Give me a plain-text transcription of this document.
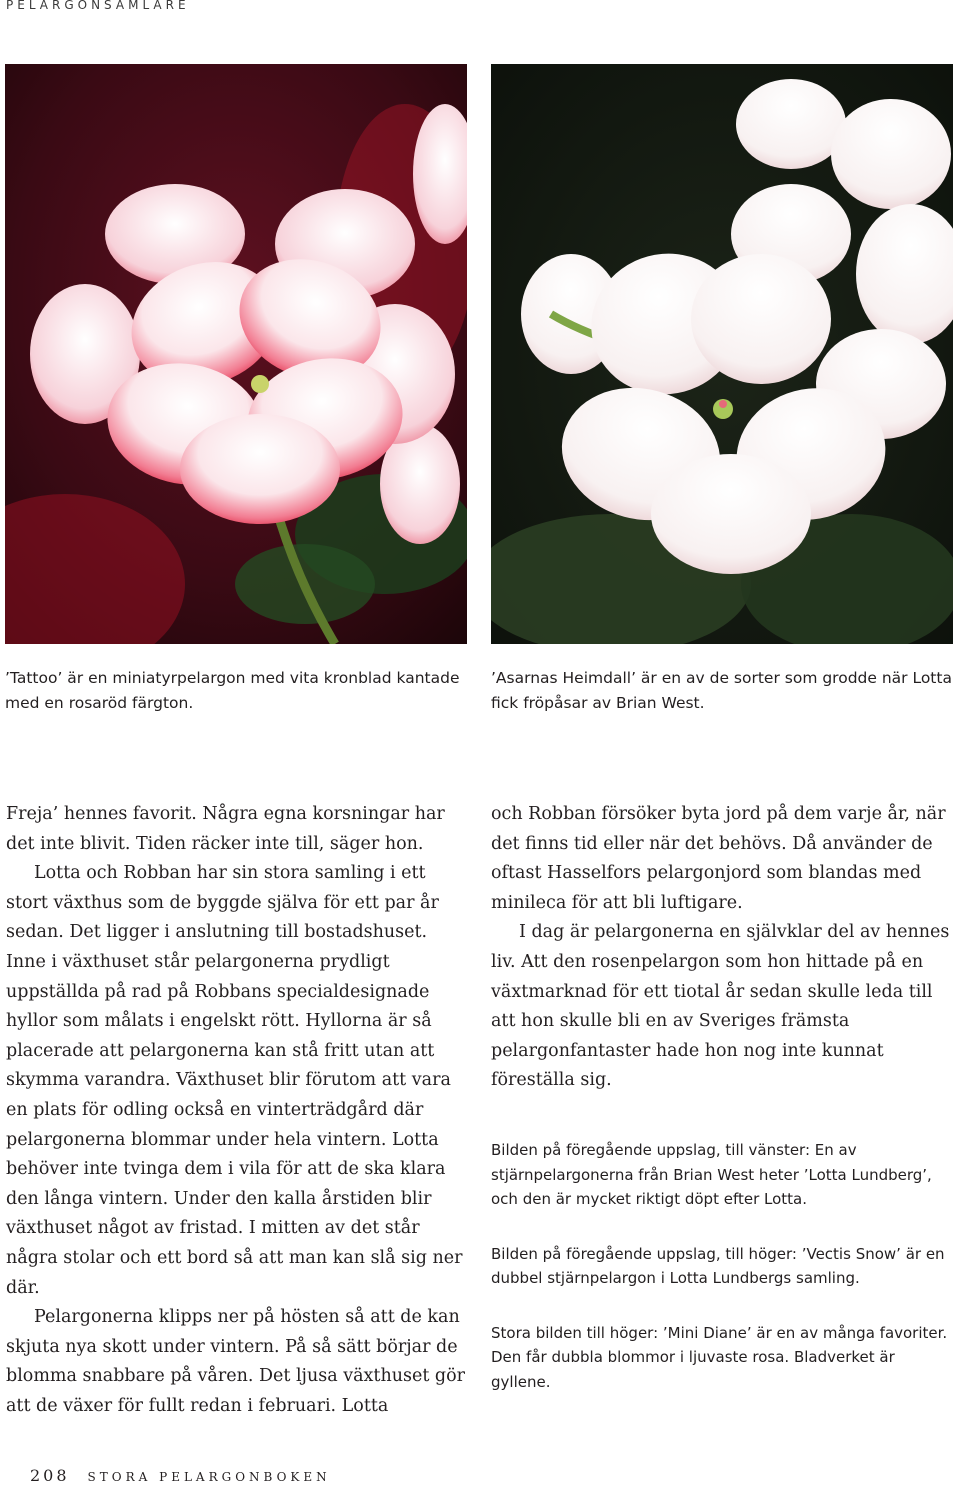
PELARGONSAMLARE
’Tattoo’ är en miniatyrpelargon med vita kronblad kantade med en rosaröd färgton.
’Asarnas Heimdall’ är en av de sorter som grodde när Lotta fick fröpåsar av Brian West.

Freja’ hennes favorit. Några egna korsningar har det inte blivit. Tiden räcker inte till, säger hon.

Lotta och Robban har sin stora samling i ett stort växthus som de byggde själva för ett par år sedan. Det ligger i anslutning till bostadshuset. Inne i växthuset står pelargonerna prydligt uppställda på rad på Robbans specialdesignade hyllor som målats i engelskt rött. Hyllorna är så placerade att pelargonerna kan stå fritt utan att skymma varandra. Växthuset blir förutom att vara en plats för odling också en vinterträdgård där pelargonerna blommar under hela vintern. Lotta behöver inte tvinga dem i vila för att de ska klara den långa vintern. Under den kalla årstiden blir växthuset något av fristad. I mitten av det står några stolar och ett bord så att man kan slå sig ner där.

Pelargonerna klipps ner på hösten så att de kan skjuta nya skott under vintern. På så sätt börjar de blomma snabbare på våren. Det ljusa växthuset gör att de växer för fullt redan i februari. Lotta

och Robban försöker byta jord på dem varje år, när det finns tid eller när det behövs. Då använder de oftast Hasselfors pelargonjord som blandas med minileca för att bli luftigare.

I dag är pelargonerna en självklar del av hennes liv. Att den rosenpelargon som hon hittade på en växtmarknad för ett tiotal år sedan skulle leda till att hon skulle bli en av Sveriges främsta pelargonfantaster hade hon nog inte kunnat föreställa sig.

Bilden på föregående uppslag, till vänster: En av stjärnpelargonerna från Brian West heter ’Lotta Lundberg’, och den är mycket riktigt döpt efter Lotta.

Bilden på föregående uppslag, till höger: ’Vectis Snow’ är en dubbel stjärnpelargon i Lotta Lundbergs samling.

Stora bilden till höger: ’Mini Diane’ är en av många favoriter. Den får dubbla blommor i ljuvaste rosa. Bladverket är gyllene.

208 STORA PELARGONBOKEN
